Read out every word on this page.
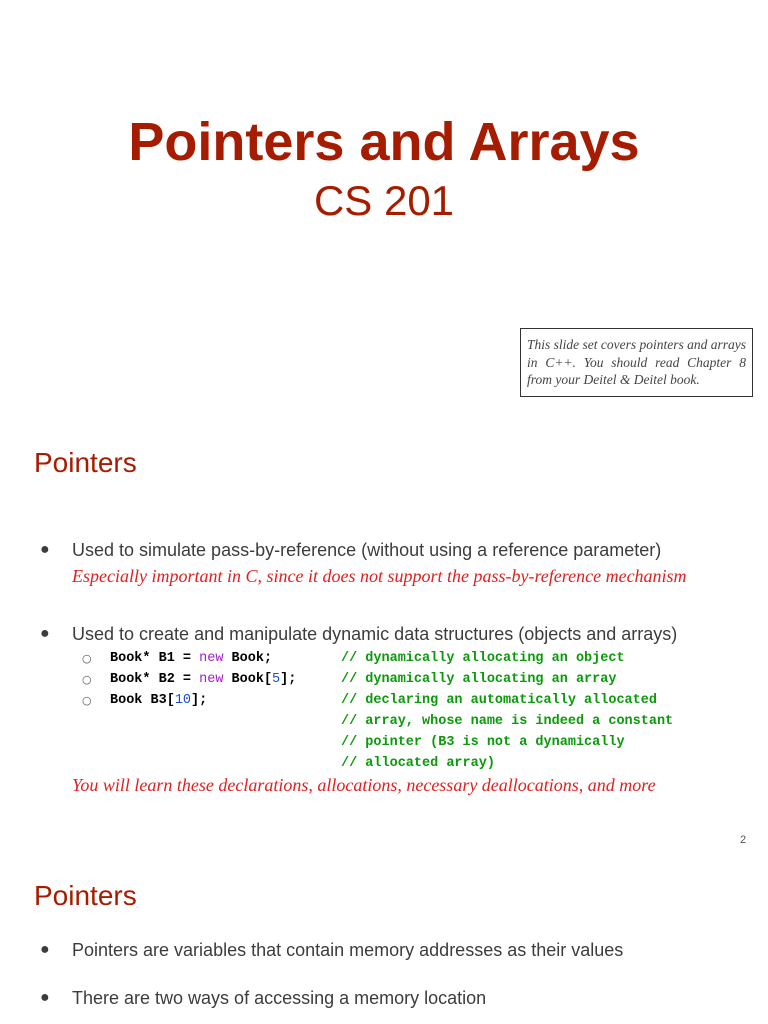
Pointers and Arrays
CS 201
This slide set covers pointers and arrays in C++. You should read Chapter 8 from your Deitel & Deitel book.
Pointers
● Used to simulate pass-by-reference (without using a reference parameter)
Especially important in C, since it does not support the pass-by-reference mechanism
● Used to create and manipulate dynamic data structures (objects and arrays)
○ Book* B1 = new Book;
○ Book* B2 = new Book[5];
○ Book B3[10];
// dynamically allocating an object
// dynamically allocating an array
// declaring an automatically allocated
// array, whose name is indeed a constant
// pointer (B3 is not a dynamically
// allocated array)
You will learn these declarations, allocations, necessary deallocations, and more
2
Pointers
● Pointers are variables that contain memory addresses as their values
● There are two ways of accessing a memory location
